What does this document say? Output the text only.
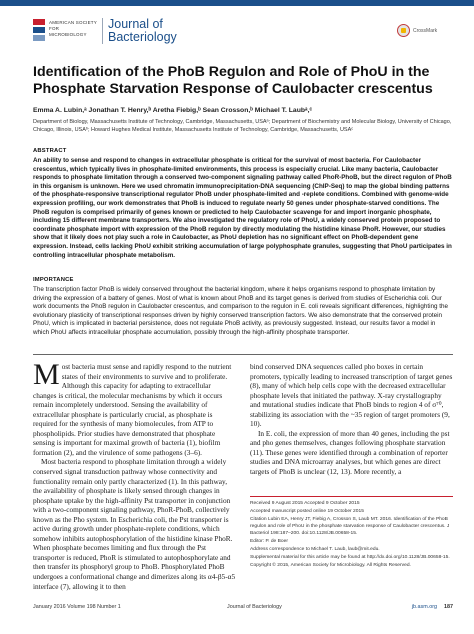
AMERICAN SOCIETY FOR MICROBIOLOGY
Journal of
Bacteriology	CrossMark
Identification of the PhoB Regulon and Role of PhoU in the Phosphate Starvation Response of Caulobacter crescentus
Emma A. Lubin,ᵃ Jonathan T. Henry,ᵇ Aretha Fiebig,ᵇ Sean Crosson,ᵇ Michael T. Laubᵃ,ᶜ
Department of Biology, Massachusetts Institute of Technology, Cambridge, Massachusetts, USAᵃ; Department of Biochemistry and Molecular Biology, University of Chicago, Chicago, Illinois, USAᵇ; Howard Hughes Medical Institute, Massachusetts Institute of Technology, Cambridge, Massachusetts, USAᶜ
ABSTRACT
An ability to sense and respond to changes in extracellular phosphate is critical for the survival of most bacteria. For Caulobacter crescentus, which typically lives in phosphate-limited environments, this process is especially crucial. Like many bacteria, Caulobacter responds to phosphate limitation through a conserved two-component signaling pathway called PhoR-PhoB, but the direct regulon of PhoB in this organism is unknown. Here we used chromatin immunoprecipitation-DNA sequencing (ChIP-Seq) to map the global binding patterns of the phosphate-responsive transcriptional regulator PhoB under phosphate-limited and -replete conditions. Combined with genome-wide expression profiling, our work demonstrates that PhoB is induced to regulate nearly 50 genes under phosphate-starved conditions. The PhoB regulon is comprised primarily of genes known or predicted to help Caulobacter scavenge for and import inorganic phosphate, including 15 different membrane transporters. We also investigated the regulatory role of PhoU, a widely conserved protein proposed to coordinate phosphate import with expression of the PhoB regulon by directly modulating the histidine kinase PhoR. However, our studies show that it likely does not play such a role in Caulobacter, as PhoU depletion has no significant effect on PhoB-dependent gene expression. Instead, cells lacking PhoU exhibit striking accumulation of large polyphosphate granules, suggesting that PhoU participates in controlling intracellular phosphate metabolism.
IMPORTANCE
The transcription factor PhoB is widely conserved throughout the bacterial kingdom, where it helps organisms respond to phosphate limitation by driving the expression of a battery of genes. Most of what is known about PhoB and its target genes is derived from studies of Escherichia coli. Our work documents the PhoB regulon in Caulobacter crescentus, and comparison to the regulon in E. coli reveals significant differences, highlighting the evolutionary plasticity of transcriptional responses driven by highly conserved transcription factors. We also demonstrate that the conserved protein PhoU, which is implicated in bacterial persistence, does not regulate PhoB activity, as previously suggested. Instead, our results favor a model in which PhoU affects intracellular phosphate accumulation, possibly through the high-affinity phosphate transporter.

Most bacteria must sense and rapidly respond to the nutrient states of their environments to survive and to proliferate. Although this capacity for adapting to extracellular changes is critical, the molecular mechanisms by which it occurs remain incompletely understood. Sensing the availability of extracellular phosphate is particularly crucial, as phosphate is required for the synthesis of many biomolecules, from ATP to phospholipids. Prior studies have demonstrated that phosphate sensing is important for maximal growth of bacteria (1), biofilm formation (2), and the virulence of some pathogens (3–6).

Most bacteria respond to phosphate limitation through a widely conserved signal transduction pathway whose connectivity and functionality remain only partly characterized (1). In this pathway, the availability of phosphate is likely sensed through changes in phosphate uptake by the high-affinity Pst transporter in conjunction with a two-component signaling pathway, PhoR-PhoB, collectively known as the Pho system. In Escherichia coli, the Pst transporter is active during growth under phosphate-replete conditions, which somehow inhibits autophosphorylation of the histidine kinase PhoR. When phosphate becomes limiting and flux through the Pst transporter is reduced, PhoR is stimulated to autophosphorylate and then transfer its phosphoryl group to PhoB. Phosphorylated PhoB undergoes a conformational change and dimerizes along its α4-β5-α5 interface (7), allowing it to then

bind conserved DNA sequences called pho boxes in certain promoters, typically leading to increased transcription of target genes (8), many of which help cells cope with the decreased extracellular phosphate levels that initiated the pathway. X-ray crystallography and mutational studies indicate that PhoB binds to region 4 of σ⁷⁰, stabilizing its association with the ~35 region of target promoters (9, 10).

In E. coli, the expression of more than 40 genes, including the pst and pho genes themselves, changes following phosphate starvation (11). These genes were identified through a combination of reporter studies and DNA microarray analyses, but which genes are direct targets of PhoB is unclear (12, 13). More recently, a

Received 9 August 2015 Accepted 9 October 2015
Accepted manuscript posted online 19 October 2015
Citation Lubin EA, Henry JT, Fiebig A, Crosson S, Laub MT. 2016. Identification of the PhoB regulon and role of PhoU in the phosphate starvation response of Caulobacter crescentus. J Bacteriol 198:187–200. doi:10.1128/JB.00658-15.
Editor: P. de Boer
Address correspondence to Michael T. Laub, laub@mit.edu.
Supplemental material for this article may be found at http://dx.doi.org/10.1128/JB.00658-15.
Copyright © 2015, American Society for Microbiology. All Rights Reserved.
January 2016 Volume 198 Number 1	Journal of Bacteriology	jb.asm.org 187
